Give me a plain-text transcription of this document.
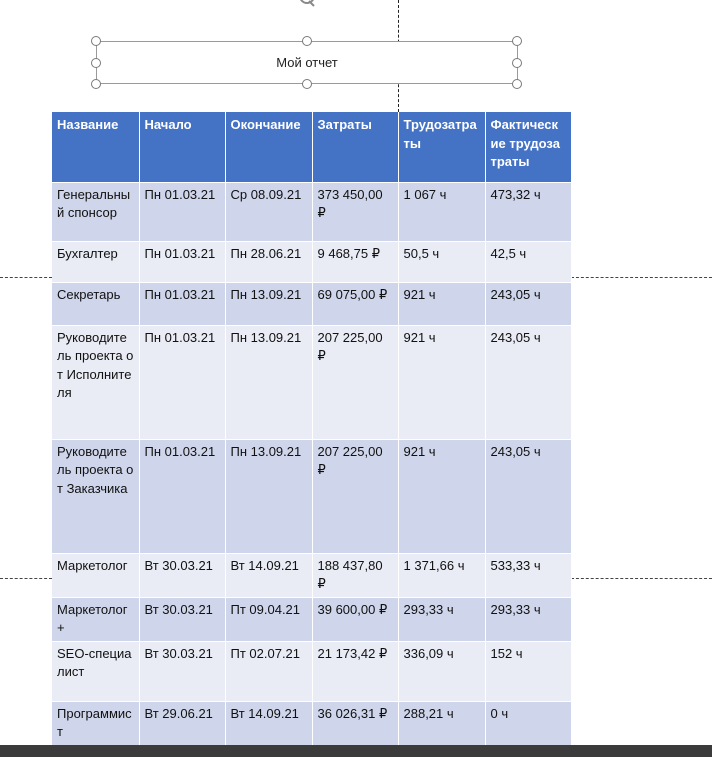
Мой отчет
Название	Начало	Окончание	Затраты	Трудозатраты	Фактические трудозатраты
Генеральный спонсор	Пн 01.03.21	Ср 08.09.21	373 450,00 ₽	1 067 ч	473,32 ч
Бухгалтер	Пн 01.03.21	Пн 28.06.21	9 468,75 ₽	50,5 ч	42,5 ч
Секретарь	Пн 01.03.21	Пн 13.09.21	69 075,00 ₽	921 ч	243,05 ч
Руководитель проекта от Исполнителя	Пн 01.03.21	Пн 13.09.21	207 225,00 ₽	921 ч	243,05 ч
Руководитель проекта от Заказчика	Пн 01.03.21	Пн 13.09.21	207 225,00 ₽	921 ч	243,05 ч
Маркетолог	Вт 30.03.21	Вт 14.09.21	188 437,80 ₽	1 371,66 ч	533,33 ч
Маркетолог +	Вт 30.03.21	Пт 09.04.21	39 600,00 ₽	293,33 ч	293,33 ч
SEO-специалист	Вт 30.03.21	Пт 02.07.21	21 173,42 ₽	336,09 ч	152 ч
Программист	Вт 29.06.21	Вт 14.09.21	36 026,31 ₽	288,21 ч	0 ч
